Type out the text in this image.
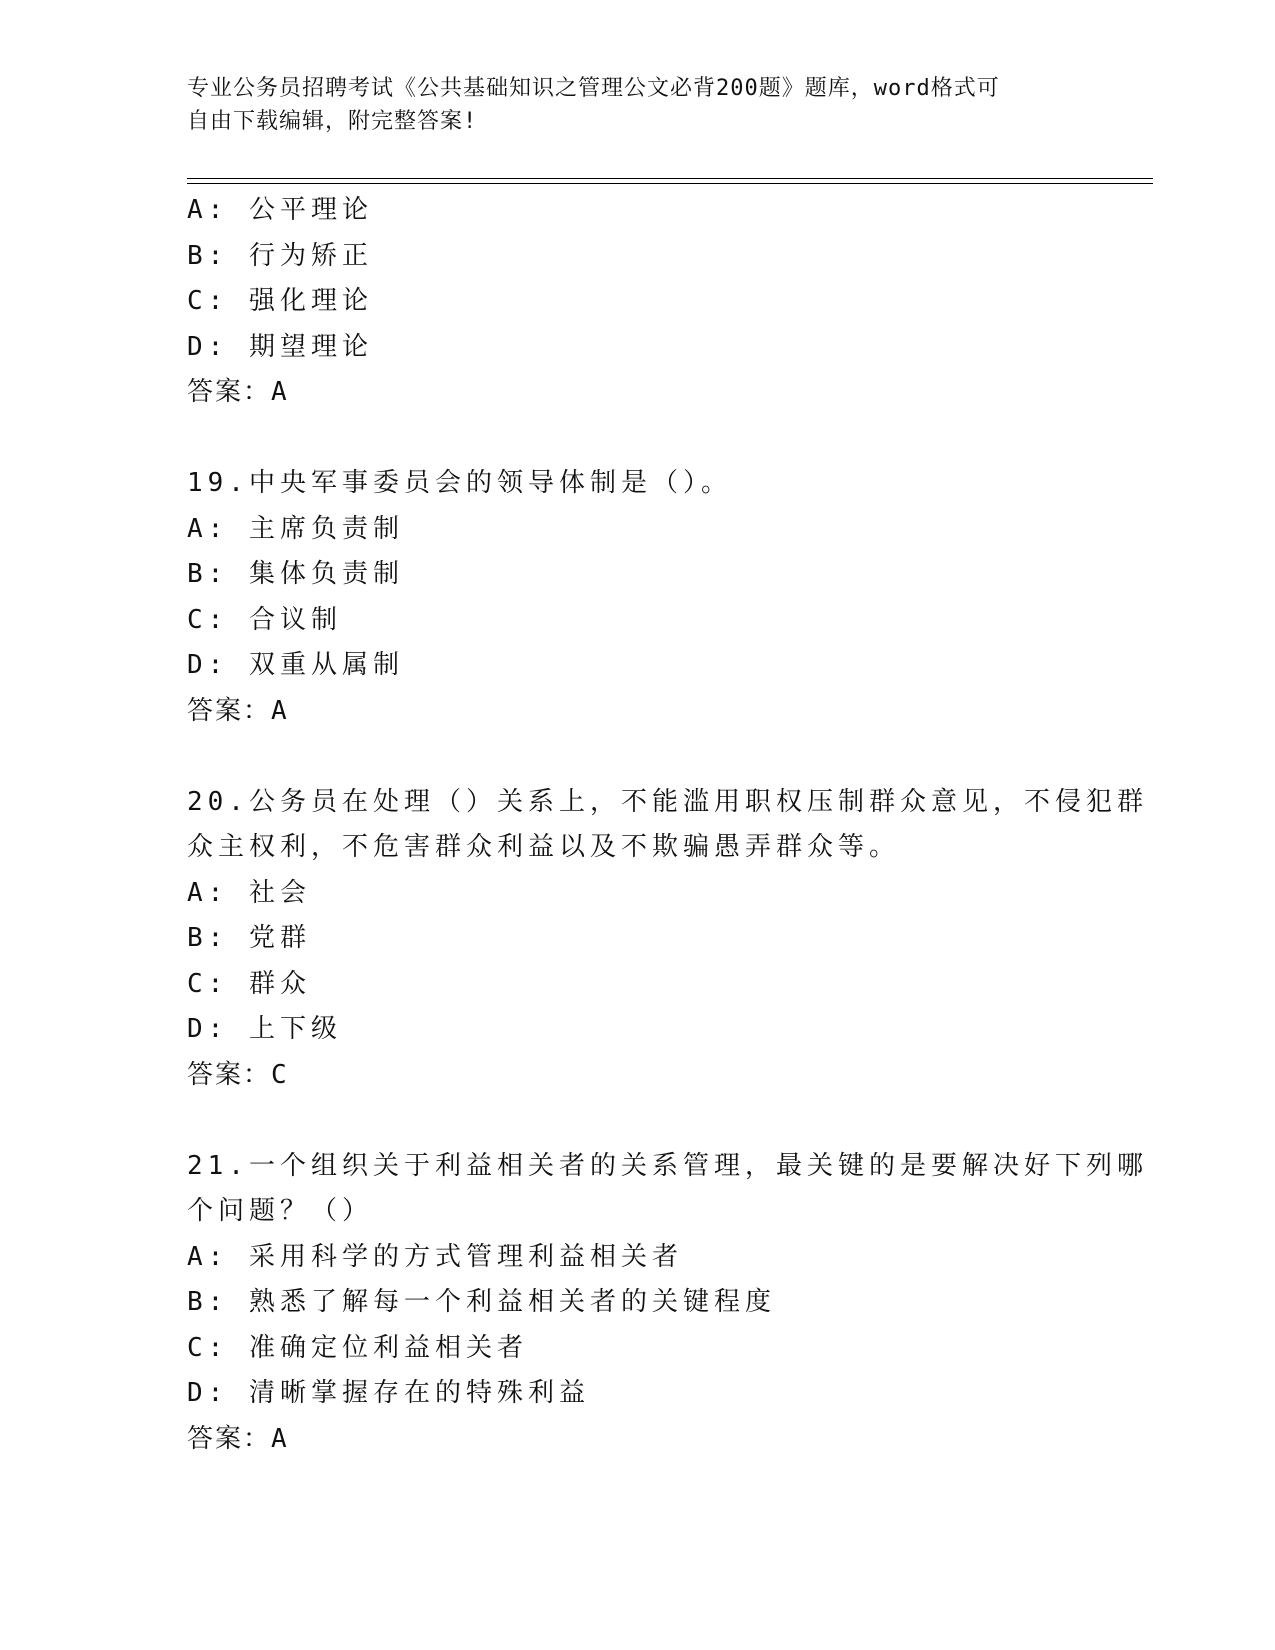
专业公务员招聘考试《公共基础知识之管理公文必背200题》题库，word格式可
自由下载编辑，附完整答案!
A: 公平理论
B: 行为矫正
C: 强化理论
D: 期望理论
答案：A
19.中央军事委员会的领导体制是（）。
A: 主席负责制
B: 集体负责制
C: 合议制
D: 双重从属制
答案：A
20.公务员在处理（）关系上，不能滥用职权压制群众意见，不侵犯群
众主权利，不危害群众利益以及不欺骗愚弄群众等。
A: 社会
B: 党群
C: 群众
D: 上下级
答案：C
21.一个组织关于利益相关者的关系管理，最关键的是要解决好下列哪
个问题？（）
A: 采用科学的方式管理利益相关者
B: 熟悉了解每一个利益相关者的关键程度
C: 准确定位利益相关者
D: 清晰掌握存在的特殊利益
答案：A
